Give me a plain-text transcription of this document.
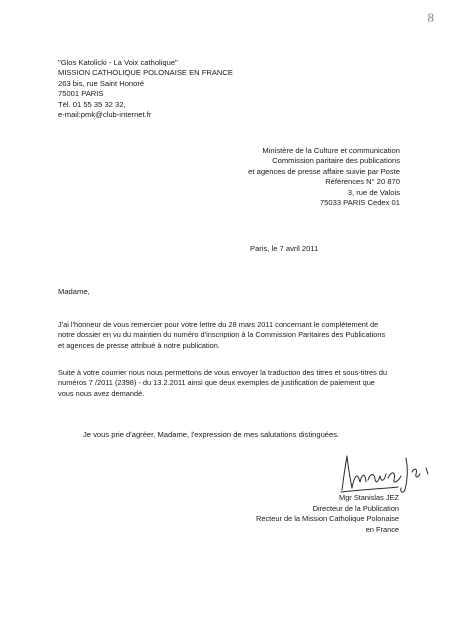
8
"Glos Katolicki - La Voix catholique"
MISSION CATHOLIQUE POLONAISE EN FRANCE
263 bis, rue Saint Honoré
75001 PARIS
Tél. 01 55 35 32 32,
e-mail:pmk@club-internet.fr
Ministère de la Culture et communication
Commission paritaire des publications
et agences de presse affaire suivie par Poste
Références N° 20 870
3, rue de Valois
75033 PARIS Cedex 01
Paris, le 7 avril 2011
Madame,
J'ai l'honneur de vous remercier pour votre lettre du 28 mars 2011 concernant le complètement de
notre dossier en vu du maintien du numéro d'inscription à la Commission Paritaires des Publications
et agences de presse attribué à notre publication.
Suite à votre courrier nous nous permettons de vous envoyer la traduction des titres et sous-titres du
numéros 7 /2011 (2398) - du 13.2.2011 ainsi que deux exemples de justification de paiement que
vous nous avez demandé.
Je vous prie d'agréer, Madame, l'expression de mes salutations distinguées.
Mgr Stanislas JEZ
Directeur de la Publication
Recteur de la Mission Catholique Polonaise
en France
